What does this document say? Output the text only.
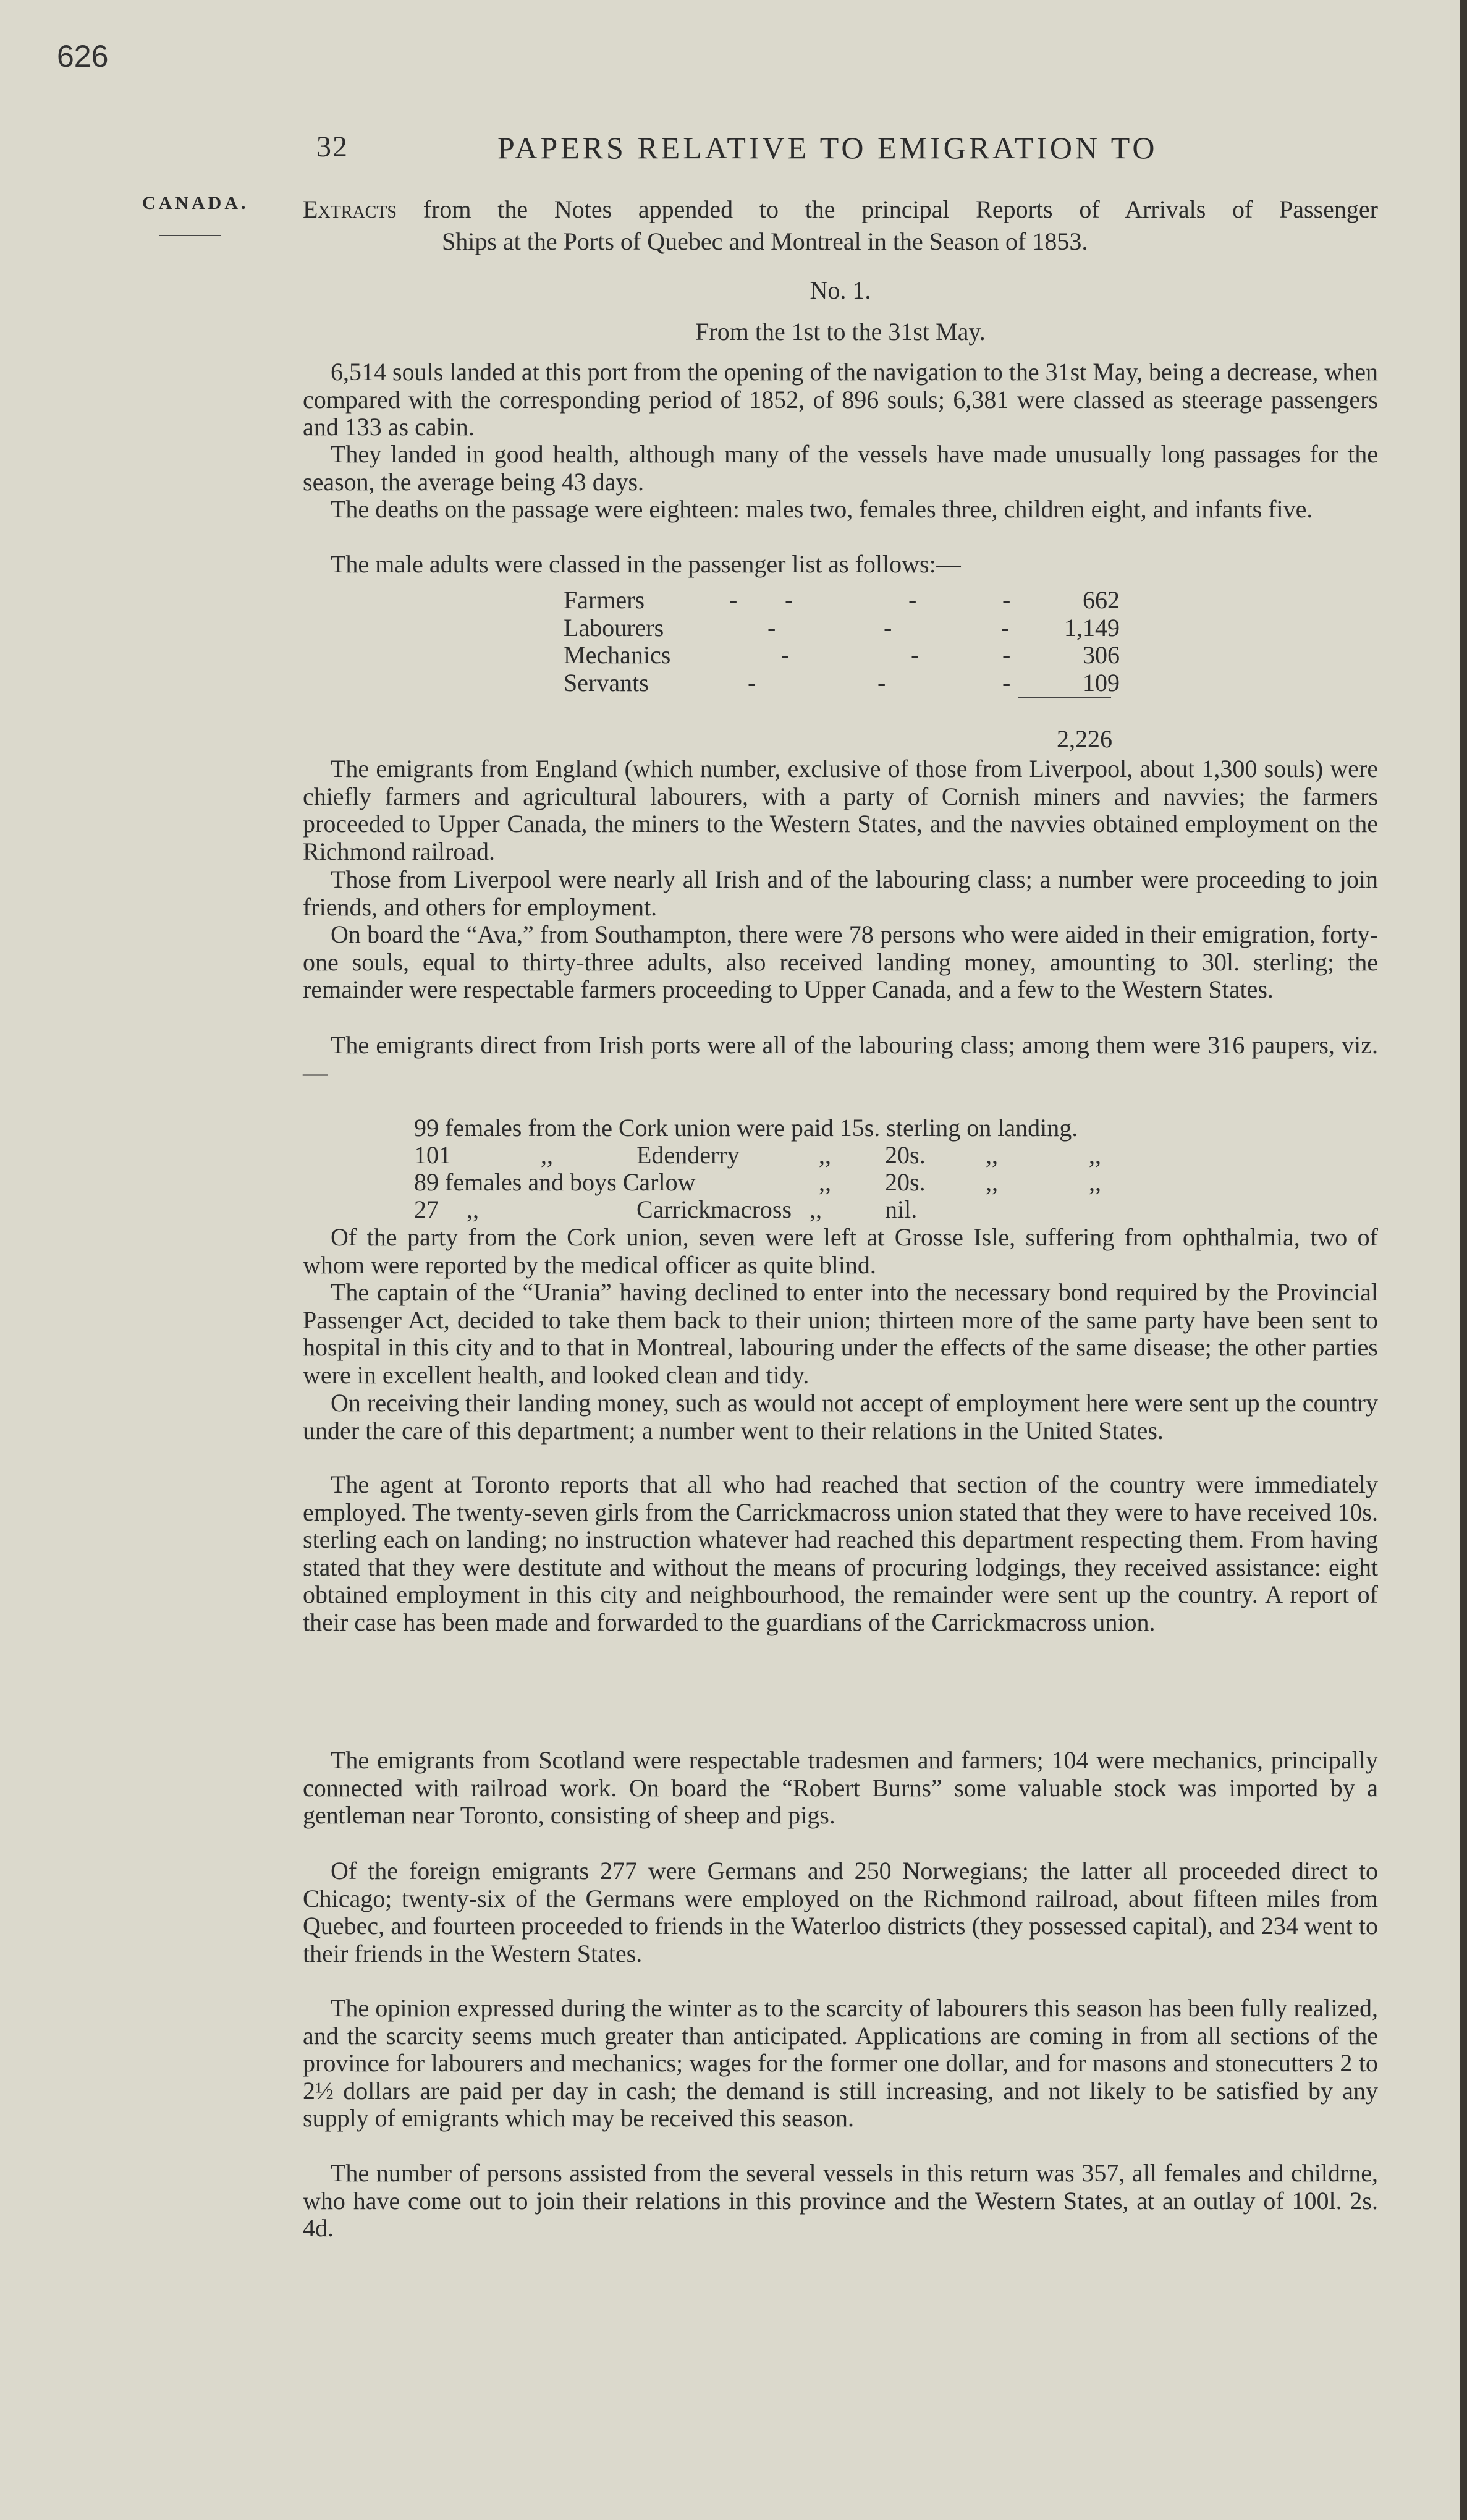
626
32	PAPERS RELATIVE TO EMIGRATION TO
CANADA. Extracts from the Notes appended to the principal Reports of Arrivals of Passenger
Ships at the Ports of Quebec and Montreal in the Season of 1853.
No. 1.
From the 1st to the 31st May.

6,514 souls landed at this port from the opening of the navigation to the 31st May, being a decrease, when compared with the corresponding period of 1852, of 896 souls; 6,381 were classed as steerage passengers and 133 as cabin.

They landed in good health, although many of the vessels have made unusually long passages for the season, the average being 43 days.

The deaths on the passage were eighteen: males two, females three, children eight, and infants five.

The male adults were classed in the passenger list as follows:—

Farmers	- -	-	-	662
Labourers	-	-	- 1,149
Mechanics	-	-	-	306
Servants	-	-	-	109
2,226

The emigrants from England (which number, exclusive of those from Liverpool, about 1,300 souls) were chiefly farmers and agricultural labourers, with a party of Cornish miners and navvies; the farmers proceeded to Upper Canada, the miners to the Western States, and the navvies obtained employment on the Richmond railroad.

Those from Liverpool were nearly all Irish and of the labouring class; a number were proceeding to join friends, and others for employment.

On board the “Ava,” from Southampton, there were 78 persons who were aided in their emigration, forty-one souls, equal to thirty-three adults, also received landing money, amounting to 30l. sterling; the remainder were respectable farmers proceeding to Upper Canada, and a few to the Western States.

The emigrants direct from Irish ports were all of the labouring class; among them were 316 paupers, viz.—

99 females from the Cork union were paid 15s. sterling on landing.
101	,,	Edenderry	,, 20s. ,,	,,
89 females and boys Carlow	,, 20s. ,,	,,
27 ,,	Carrickmacross ,,	nil.

Of the party from the Cork union, seven were left at Grosse Isle, suffering from ophthalmia, two of whom were reported by the medical officer as quite blind.

The captain of the “Urania” having declined to enter into the necessary bond required by the Provincial Passenger Act, decided to take them back to their union; thirteen more of the same party have been sent to hospital in this city and to that in Montreal, labouring under the effects of the same disease; the other parties were in excellent health, and looked clean and tidy.

On receiving their landing money, such as would not accept of employment here were sent up the country under the care of this department; a number went to their relations in the United States.

The agent at Toronto reports that all who had reached that section of the country were immediately employed. The twenty-seven girls from the Carrickmacross union stated that they were to have received 10s. sterling each on landing; no instruction whatever had reached this department respecting them. From having stated that they were destitute and without the means of procuring lodgings, they received assistance: eight obtained employment in this city and neighbourhood, the remainder were sent up the country. A report of their case has been made and forwarded to the guardians of the Carrickmacross union.

The emigrants from Scotland were respectable tradesmen and farmers; 104 were mechanics, principally connected with railroad work. On board the “Robert Burns” some valuable stock was imported by a gentleman near Toronto, consisting of sheep and pigs.

Of the foreign emigrants 277 were Germans and 250 Norwegians; the latter all proceeded direct to Chicago; twenty-six of the Germans were employed on the Richmond railroad, about fifteen miles from Quebec, and fourteen proceeded to friends in the Waterloo districts (they possessed capital), and 234 went to their friends in the Western States.

The opinion expressed during the winter as to the scarcity of labourers this season has been fully realized, and the scarcity seems much greater than anticipated. Applications are coming in from all sections of the province for labourers and mechanics; wages for the former one dollar, and for masons and stonecutters 2 to 2½ dollars are paid per day in cash; the demand is still increasing, and not likely to be satisfied by any supply of emigrants which may be received this season.

The number of persons assisted from the several vessels in this return was 357, all females and childrne, who have come out to join their relations in this province and the Western States, at an outlay of 100l. 2s. 4d.
